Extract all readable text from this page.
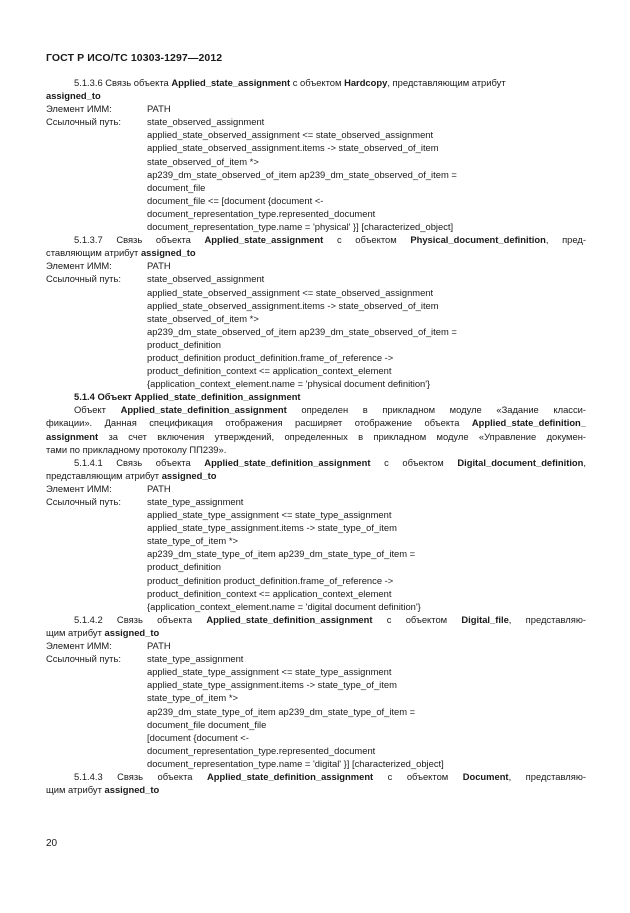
ГОСТ Р ИСО/ТС 10303-1297—2012
5.1.3.6 Связь объекта Applied_state_assignment с объектом Hardcopy, представляющим атрибут
assigned_to
Элемент ИММ:	PATH
Ссылочный путь:	state_observed_assignment
applied_state_observed_assignment <= state_observed_assignment
applied_state_observed_assignment.items -> state_observed_of_item
state_observed_of_item *>
ap239_dm_state_observed_of_item ap239_dm_state_observed_of_item =
document_file
document_file <= [document {document <-
document_representation_type.represented_document
document_representation_type.name = 'physical' }] [characterized_object]
5.1.3.7 Связь объекта Applied_state_assignment с объектом Physical_document_definition, пред-
ставляющим атрибут assigned_to
Элемент ИММ:	PATH
Ссылочный путь:	state_observed_assignment
applied_state_observed_assignment <= state_observed_assignment
applied_state_observed_assignment.items -> state_observed_of_item
state_observed_of_item *>
ap239_dm_state_observed_of_item ap239_dm_state_observed_of_item =
product_definition
product_definition product_definition.frame_of_reference ->
product_definition_context <= application_context_element
{application_context_element.name = 'physical document definition'}
5.1.4 Объект Applied_state_definition_assignment
Объект Applied_state_definition_assignment определен в прикладном модуле «Задание класси-
фикации». Данная спецификация отображения расширяет отображение объекта Applied_state_definition_
assignment за счет включения утверждений, определенных в прикладном модуле «Управление докумен-
тами по прикладному протоколу ПП239».
5.1.4.1 Связь объекта Applied_state_definition_assignment с объектом Digital_document_definition,
представляющим атрибут assigned_to
Элемент ИММ:	PATH
Ссылочный путь:	state_type_assignment
applied_state_type_assignment <= state_type_assignment
applied_state_type_assignment.items -> state_type_of_item
state_type_of_item *>
ap239_dm_state_type_of_item ap239_dm_state_type_of_item =
product_definition
product_definition product_definition.frame_of_reference ->
product_definition_context <= application_context_element
{application_context_element.name = 'digital document definition'}
5.1.4.2 Связь объекта Applied_state_definition_assignment с объектом Digital_file, представляю-
щим атрибут assigned_to
Элемент ИММ:	PATH
Ссылочный путь:	state_type_assignment
applied_state_type_assignment <= state_type_assignment
applied_state_type_assignment.items -> state_type_of_item
state_type_of_item *>
ap239_dm_state_type_of_item ap239_dm_state_type_of_item =
document_file document_file
[document {document <-
document_representation_type.represented_document
document_representation_type.name = 'digital' }] [characterized_object]
5.1.4.3 Связь объекта Applied_state_definition_assignment с объектом Document, представляю-
щим атрибут assigned_to
20
